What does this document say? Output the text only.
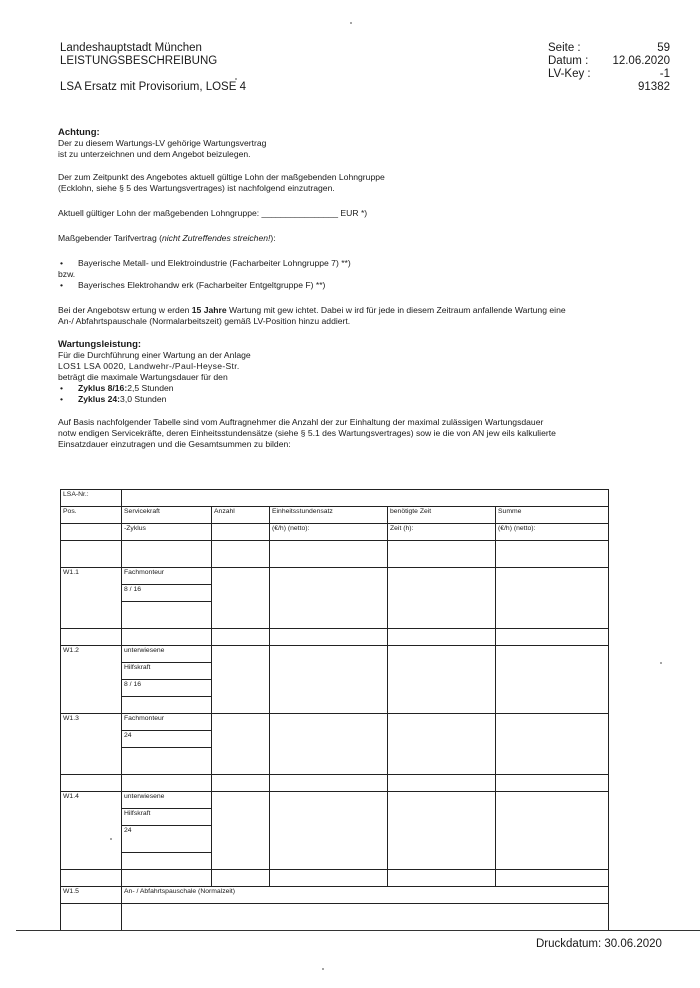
Landeshauptstadt München
LEISTUNGSBESCHREIBUNG
LSA Ersatz mit Provisorium, LOSE 4
Seite :	59
Datum :	12.06.2020
LV-Key :	-1
91382

Achtung:

Der zu diesem Wartungs-LV gehörige Wartungsvertrag

ist zu unterzeichnen und dem Angebot beizulegen.

Der zum Zeitpunkt des Angebotes aktuell gültige Lohn der maßgebenden Lohngruppe

(Ecklohn, siehe § 5 des Wartungsvertrages) ist nachfolgend einzutragen.

Aktuell gültiger Lohn der maßgebenden Lohngruppe: ________________ EUR *)

Maßgebender Tarifvertrag (nicht Zutreffendes streichen!):

•	Bayerische Metall- und Elektroindustrie (Facharbeiter Lohngruppe 7) **)

bzw.

•	Bayerisches Elektrohandw erk (Facharbeiter Entgeltgruppe F) **)

Bei der Angebotsw ertung w erden 15 Jahre Wartung mit gew ichtet. Dabei w ird für jede in diesem Zeitraum anfallende Wartung eine

An-/ Abfahrtspauschale (Normalarbeitszeit) gemäß LV-Position hinzu addiert.

Wartungsleistung:

Für die Durchführung einer Wartung an der Anlage

LOS1 LSA 0020, Landwehr-/Paul-Heyse-Str.

beträgt die maximale Wartungsdauer für den

•	Zyklus 8/16: 2,5 Stunden
•	Zyklus 24: 3,0 Stunden

Auf Basis nachfolgender Tabelle sind vom Auftragnehmer die Anzahl der zur Einhaltung der maximal zulässigen Wartungsdauer

notw endigen Servicekräfte, deren Einheitsstundensätze (siehe § 5.1 des Wartungsvertrages) sow ie die von AN jew eils kalkulierte

Einsatzdauer einzutragen und die Gesamtsummen zu bilden:

LSA-Nr.:					
Pos.	Servicekraft	Anzahl	Einheitsstundensatz	benötigte Zeit	Summe
	-Zyklus		(€/h) (netto):	Zeit (h):	(€/h) (netto):

W1.1	Fachmonteur				
	8 / 16				

W1.2	unterwiesene				
	Hilfskraft				
	8 / 16				

W1.3	Fachmonteur				
	24				

W1.4	unterwiesene				
	Hilfskraft				
	24				

W1.5	An- / Abfahrtspauschale (Normalzeit)				

Druckdatum: 30.06.2020
